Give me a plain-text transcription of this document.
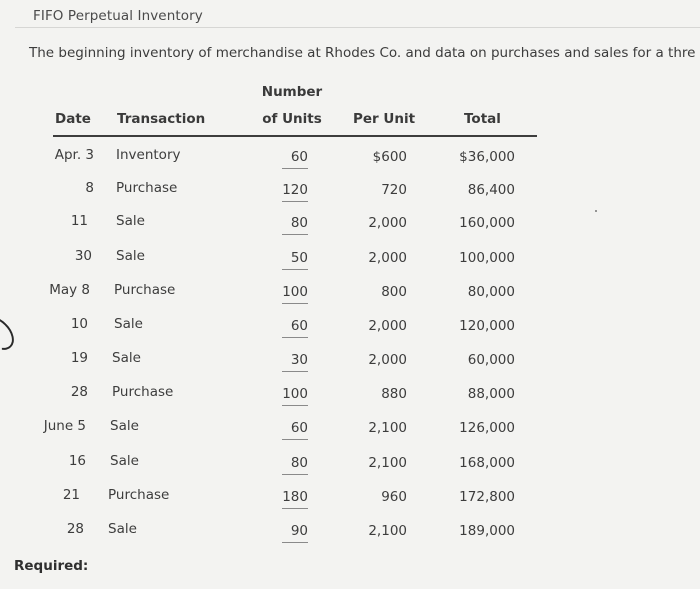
FIFO Perpetual Inventory
The beginning inventory of merchandise at Rhodes Co. and data on purchases and sales for a thre
Date Transaction
Number
of Units	Per Unit	Total
Apr. 3 Inventory	60	$600	$36,000
8 Purchase	120	720	86,400
11 Sale	80	2,000	160,000
30 Sale	50	2,000	100,000
May 8 Purchase	100	800	80,000
10 Sale	60	2,000	120,000
19 Sale	30	2,000	60,000
28 Purchase	100	880	88,000
June 5 Sale	60	2,100	126,000
16 Sale	80	2,100	168,000
21 Purchase	180	960	172,800
28 Sale	90	2,100	189,000
Required:
